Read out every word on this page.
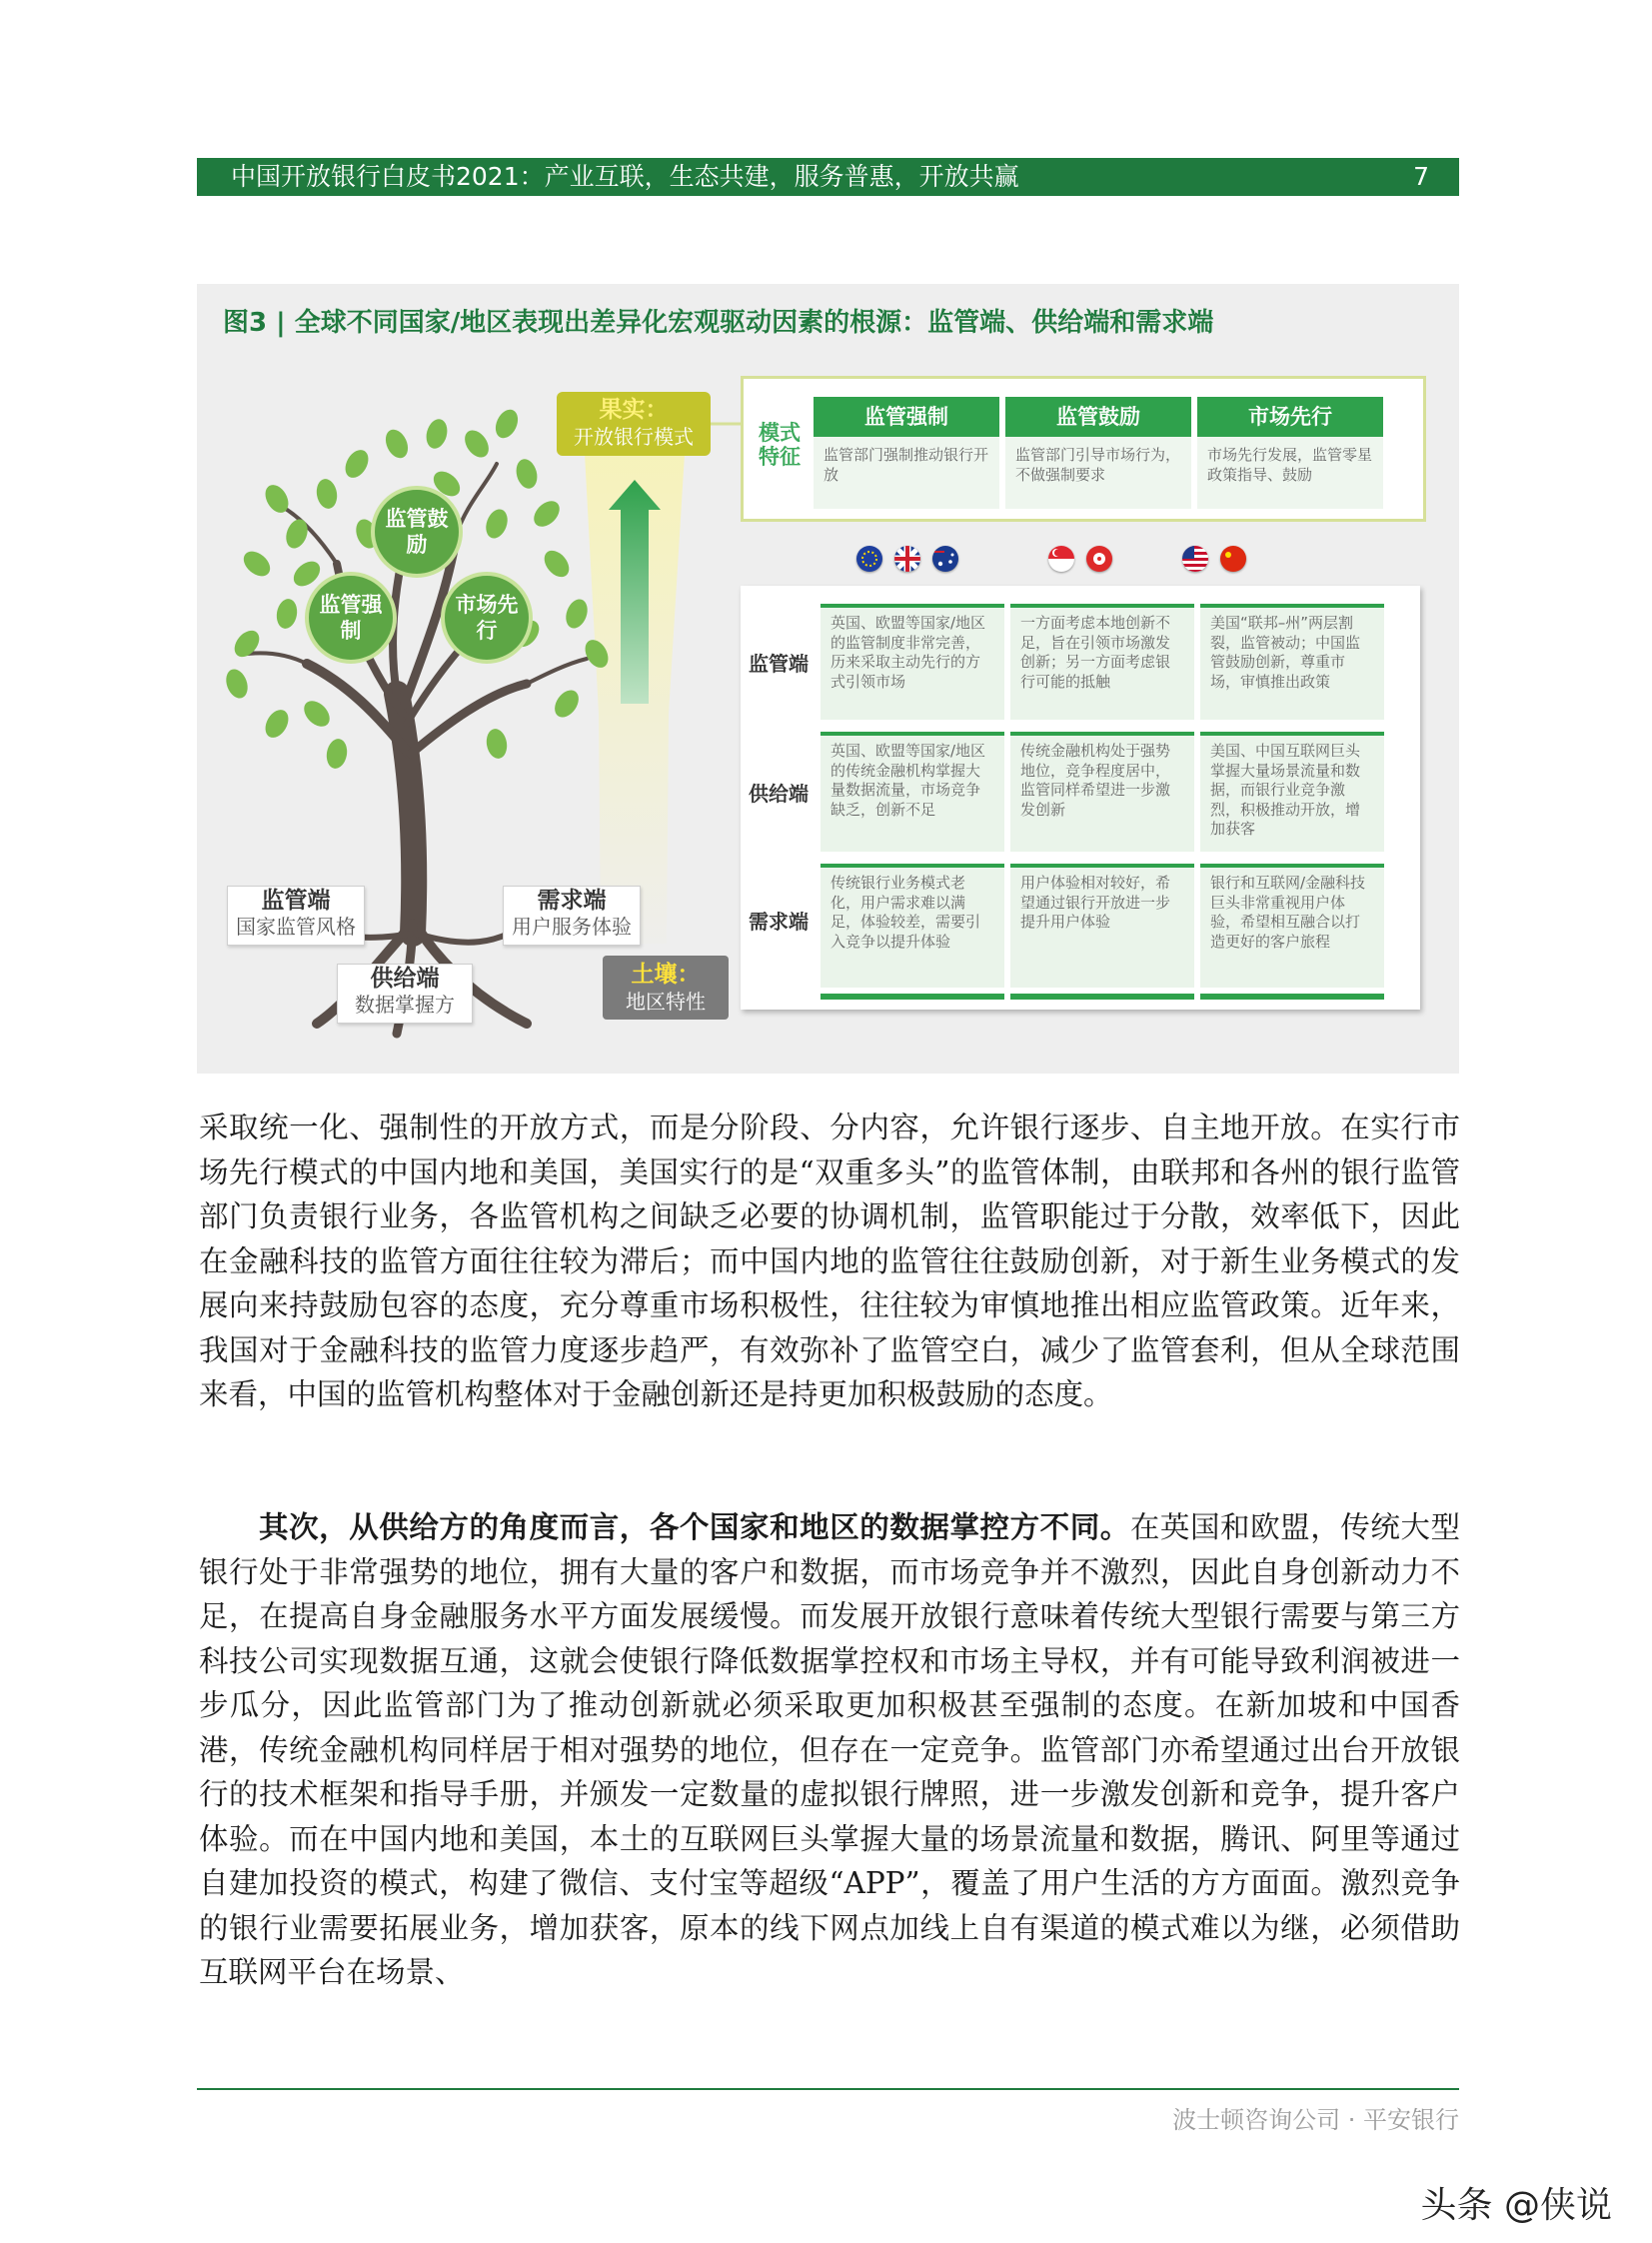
中国开放银行白皮书2021：产业互联，生态共建，服务普惠，开放共赢	7
图3 | 全球不同国家/地区表现出差异化宏观驱动因素的根源：监管端、供给端和需求端
监管鼓励
监管强制
市场先行
果实：
开放银行模式
监管端
国家监管风格
需求端
用户服务体验
供给端
数据掌握方
土壤：
地区特性
模式特征
监管强制
监管部门强制推动银行开放
监管鼓励
监管部门引导市场行为，不做强制要求
市场先行
市场先行发展，监管零星政策指导、鼓励
监管端
供给端
需求端
英国、欧盟等国家/地区的监管制度非常完善，历来采取主动先行的方式引领市场
一方面考虑本地创新不足，旨在引领市场激发创新；另一方面考虑银行可能的抵触
美国“联邦–州”两层割裂，监管被动；中国监管鼓励创新，尊重市场，审慎推出政策
英国、欧盟等国家/地区的传统金融机构掌握大量数据流量，市场竞争缺乏，创新不足
传统金融机构处于强势地位，竞争程度居中，监管同样希望进一步激发创新
美国、中国互联网巨头掌握大量场景流量和数据，而银行业竞争激烈，积极推动开放，增加获客
传统银行业务模式老化，用户需求难以满足，体验较差，需要引入竞争以提升体验
用户体验相对较好，希望通过银行开放进一步提升用户体验
银行和互联网/金融科技巨头非常重视用户体验，希望相互融合以打造更好的客户旅程

采取统一化、强制性的开放方式，而是分阶段、分内容，允许银行逐步、自主地开放。在实行市场先行模式的中国内地和美国，美国实行的是“双重多头”的监管体制，由联邦和各州的银行监管部门负责银行业务，各监管机构之间缺乏必要的协调机制，监管职能过于分散，效率低下，因此在金融科技的监管方面往往较为滞后；而中国内地的监管往往鼓励创新，对于新生业务模式的发展向来持鼓励包容的态度，充分尊重市场积极性，往往较为审慎地推出相应监管政策。近年来，我国对于金融科技的监管力度逐步趋严，有效弥补了监管空白，减少了监管套利，但从全球范围来看，中国的监管机构整体对于金融创新还是持更加积极鼓励的态度。

其次，从供给方的角度而言，各个国家和地区的数据掌控方不同。在英国和欧盟，传统大型银行处于非常强势的地位，拥有大量的客户和数据，而市场竞争并不激烈，因此自身创新动力不足，在提高自身金融服务水平方面发展缓慢。而发展开放银行意味着传统大型银行需要与第三方科技公司实现数据互通，这就会使银行降低数据掌控权和市场主导权，并有可能导致利润被进一步瓜分，因此监管部门为了推动创新就必须采取更加积极甚至强制的态度。在新加坡和中国香港，传统金融机构同样居于相对强势的地位，但存在一定竞争。监管部门亦希望通过出台开放银行的技术框架和指导手册，并颁发一定数量的虚拟银行牌照，进一步激发创新和竞争，提升客户体验。而在中国内地和美国，本土的互联网巨头掌握大量的场景流量和数据，腾讯、阿里等通过自建加投资的模式，构建了微信、支付宝等超级“APP”，覆盖了用户生活的方方面面。激烈竞争的银行业需要拓展业务，增加获客，原本的线下网点加线上自有渠道的模式难以为继，必须借助互联网平台在场景、

波士顿咨询公司 · 平安银行
头条 @侠说
